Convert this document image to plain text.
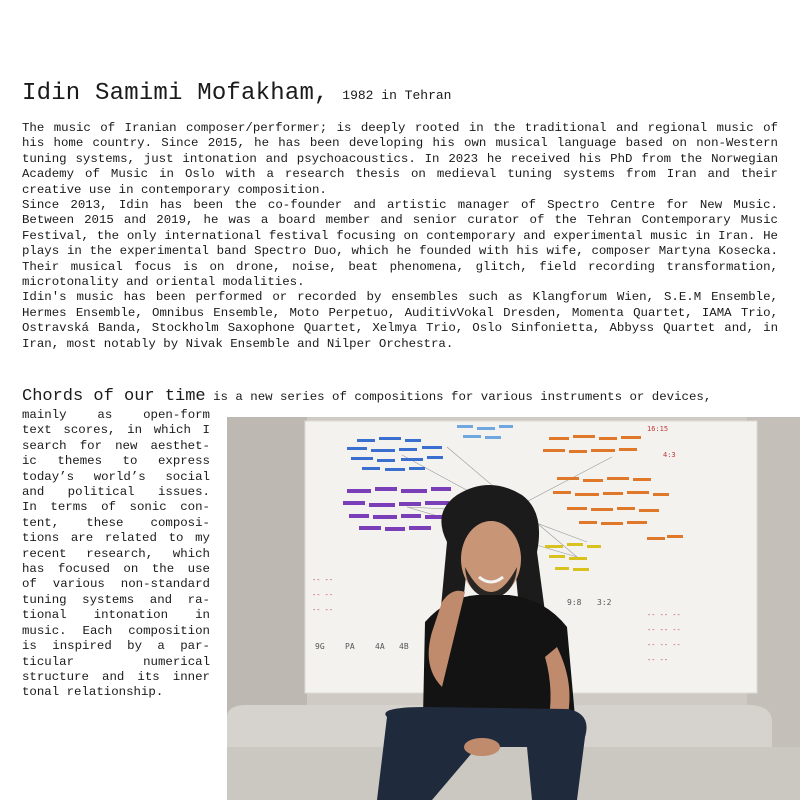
Idin Samimi Mofakham, 1982 in Tehran

The music of Iranian composer/performer; is deeply rooted in the traditional and regional music of his home country. Since 2015, he has been developing his own musical language based on non-Western tuning systems, just intonation and psychoacoustics. In 2023 he received his PhD from the Norwegian Academy of Music in Oslo with a research thesis on medieval tuning systems from Iran and their creative use in contemporary composition.

Since 2013, Idin has been the co-founder and artistic manager of Spectro Centre for New Music. Between 2015 and 2019, he was a board member and senior curator of the Tehran Contemporary Music Festival, the only international festival focusing on contemporary and experimental music in Iran. He plays in the experimental band Spectro Duo, which he founded with his wife, composer Martyna Kosecka. Their musical focus is on drone, noise, beat phenomena, glitch, field recording transformation, microtonality and oriental modalities.

Idin's music has been performed or recorded by ensembles such as Klangforum Wien, S.E.M Ensemble, Hermes Ensemble, Omnibus Ensemble, Moto Perpetuo, AuditivVokal Dresden, Momenta Quartet, IAMA Trio, Ostravská Banda, Stockholm Saxophone Quartet, Xelmya Trio, Oslo Sinfonietta, Abbyss Quartet and, in Iran, most notably by Nivak Ensemble and Nilper Orchestra.

Chords of our time is a new series of compositions for various instruments or devices,
mainly as open-form
text scores, in which I
search for new aesthet-
ic themes to express
today’s world’s social
and political issues.
In terms of sonic con-
tent, these composi-
tions are related to my
recent research, which
has focused on the use
of various non-standard
tuning systems and ra-
tional intonation in
music. Each composition
is inspired by a par-
ticular numerical
structure and its inner
tonal relationship.
16:15
4:3
-- --
-- --
-- --
-- -- --
-- -- --
-- -- --
-- --
9:8 3:2
9G	PA	4A 4B
